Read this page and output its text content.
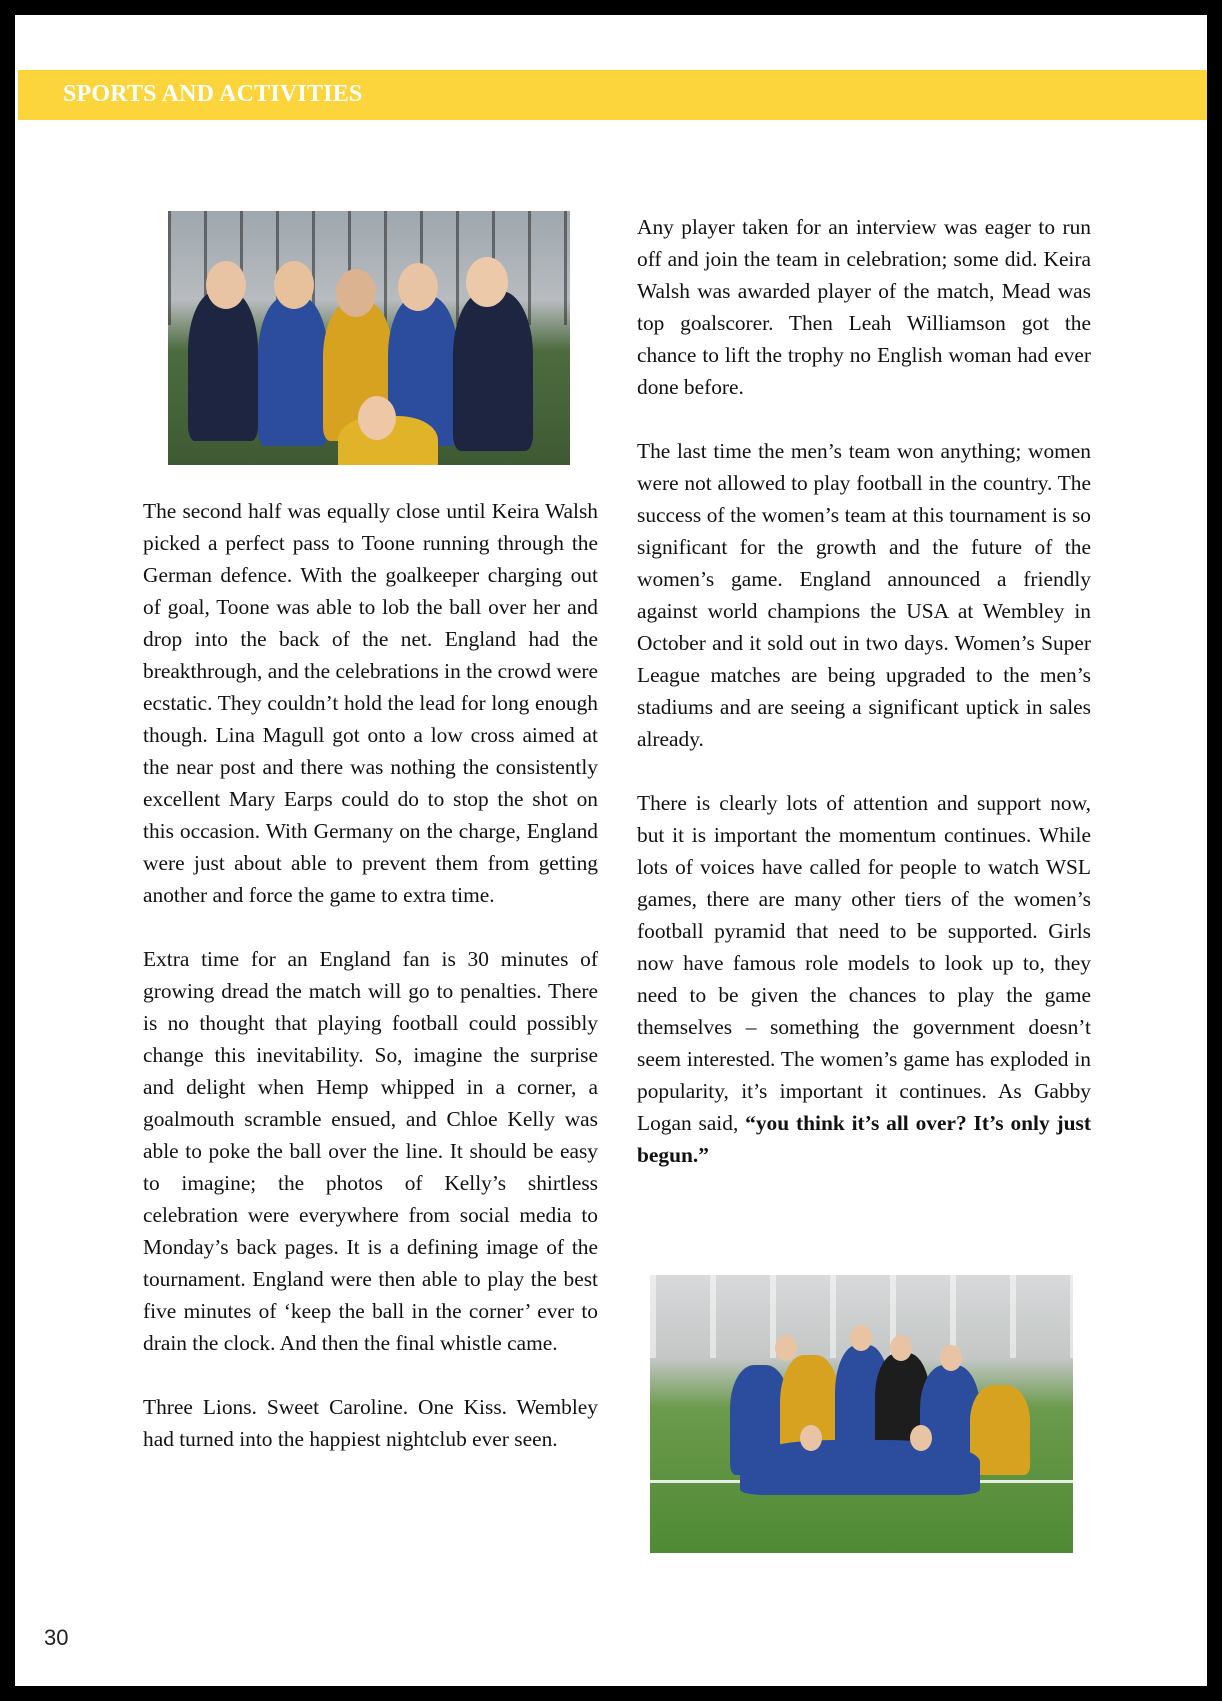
SPORTS AND ACTIVITIES

The second half was equally close until Keira Walsh picked a perfect pass to Toone running through the German defence. With the goalkeeper charging out of goal, Toone was able to lob the ball over her and drop into the back of the net. England had the breakthrough, and the celebrations in the crowd were ecstatic. They couldn’t hold the lead for long enough though. Lina Magull got onto a low cross aimed at the near post and there was nothing the consistently excellent Mary Earps could do to stop the shot on this occasion. With Germany on the charge, England were just about able to prevent them from getting another and force the game to extra time.

Extra time for an England fan is 30 minutes of growing dread the match will go to penalties. There is no thought that playing football could possibly change this inevitability. So, imagine the surprise and delight when Hemp whipped in a corner, a goalmouth scramble ensued, and Chloe Kelly was able to poke the ball over the line. It should be easy to imagine; the photos of Kelly’s shirtless celebration were everywhere from social media to Monday’s back pages. It is a defining image of the tournament. England were then able to play the best five minutes of ‘keep the ball in the corner’ ever to drain the clock. And then the final whistle came.

Three Lions. Sweet Caroline. One Kiss. Wembley had turned into the happiest nightclub ever seen.

Any player taken for an interview was eager to run off and join the team in celebration; some did. Keira Walsh was awarded player of the match, Mead was top goalscorer. Then Leah Williamson got the chance to lift the trophy no English woman had ever done before.

The last time the men’s team won anything; women were not allowed to play football in the country. The success of the women’s team at this tournament is so significant for the growth and the future of the women’s game. England announced a friendly against world champions the USA at Wembley in October and it sold out in two days. Women’s Super League matches are being upgraded to the men’s stadiums and are seeing a significant uptick in sales already.

There is clearly lots of attention and support now, but it is important the momentum continues. While lots of voices have called for people to watch WSL games, there are many other tiers of the women’s football pyramid that need to be supported. Girls now have famous role models to look up to, they need to be given the chances to play the game themselves – something the government doesn’t seem interested. The women’s game has exploded in popularity, it’s important it continues. As Gabby Logan said, “you think it’s all over? It’s only just begun.”

30
